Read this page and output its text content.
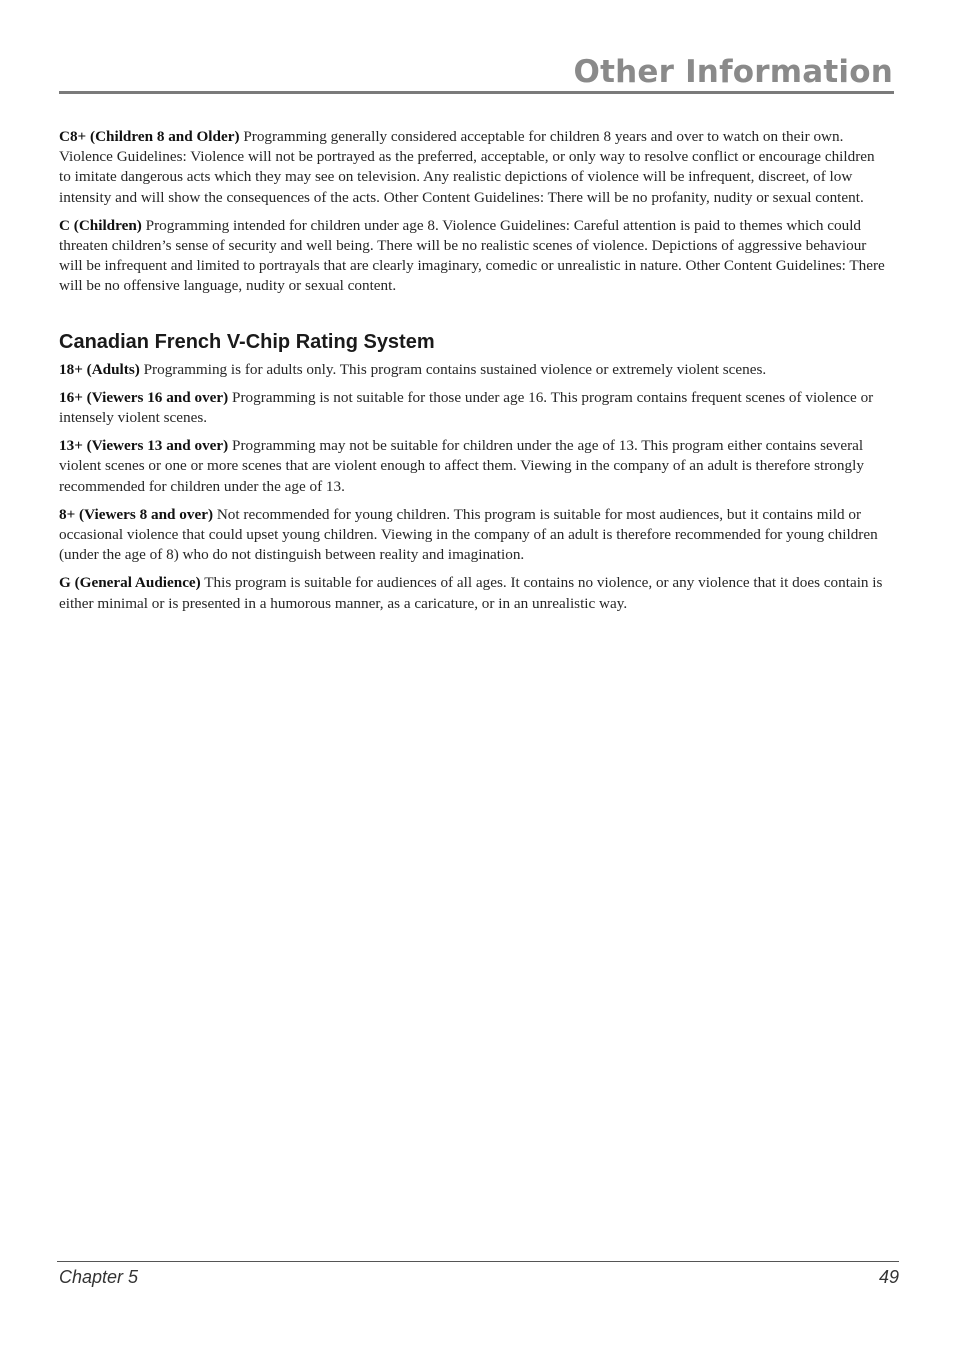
Other Information

C8+ (Children 8 and Older) Programming generally considered acceptable for children 8 years and over to watch on their own. Violence Guidelines: Violence will not be portrayed as the preferred, acceptable, or only way to resolve conflict or encourage children to imitate dangerous acts which they may see on television. Any realistic depictions of violence will be infrequent, discreet, of low intensity and will show the consequences of the acts. Other Content Guidelines: There will be no profanity, nudity or sexual content.

C (Children) Programming intended for children under age 8. Violence Guidelines: Careful attention is paid to themes which could threaten children’s sense of security and well being. There will be no realistic scenes of violence. Depictions of aggressive behaviour will be infrequent and limited to portrayals that are clearly imaginary, comedic or unrealistic in nature. Other Content Guidelines: There will be no offensive language, nudity or sexual content.

Canadian French V-Chip Rating System

18+ (Adults) Programming is for adults only. This program contains sustained violence or extremely violent scenes.

16+ (Viewers 16 and over) Programming is not suitable for those under age 16. This program contains frequent scenes of violence or intensely violent scenes.

13+ (Viewers 13 and over) Programming may not be suitable for children under the age of 13. This program either contains several violent scenes or one or more scenes that are violent enough to affect them. Viewing in the company of an adult is therefore strongly recommended for children under the age of 13.

8+ (Viewers 8 and over) Not recommended for young children. This program is suitable for most audiences, but it contains mild or occasional violence that could upset young children. Viewing in the company of an adult is therefore recommended for young children (under the age of 8) who do not distinguish between reality and imagination.

G (General Audience) This program is suitable for audiences of all ages. It contains no violence, or any violence that it does contain is either minimal or is presented in a humorous manner, as a caricature, or in an unrealistic way.

Chapter 5	49
